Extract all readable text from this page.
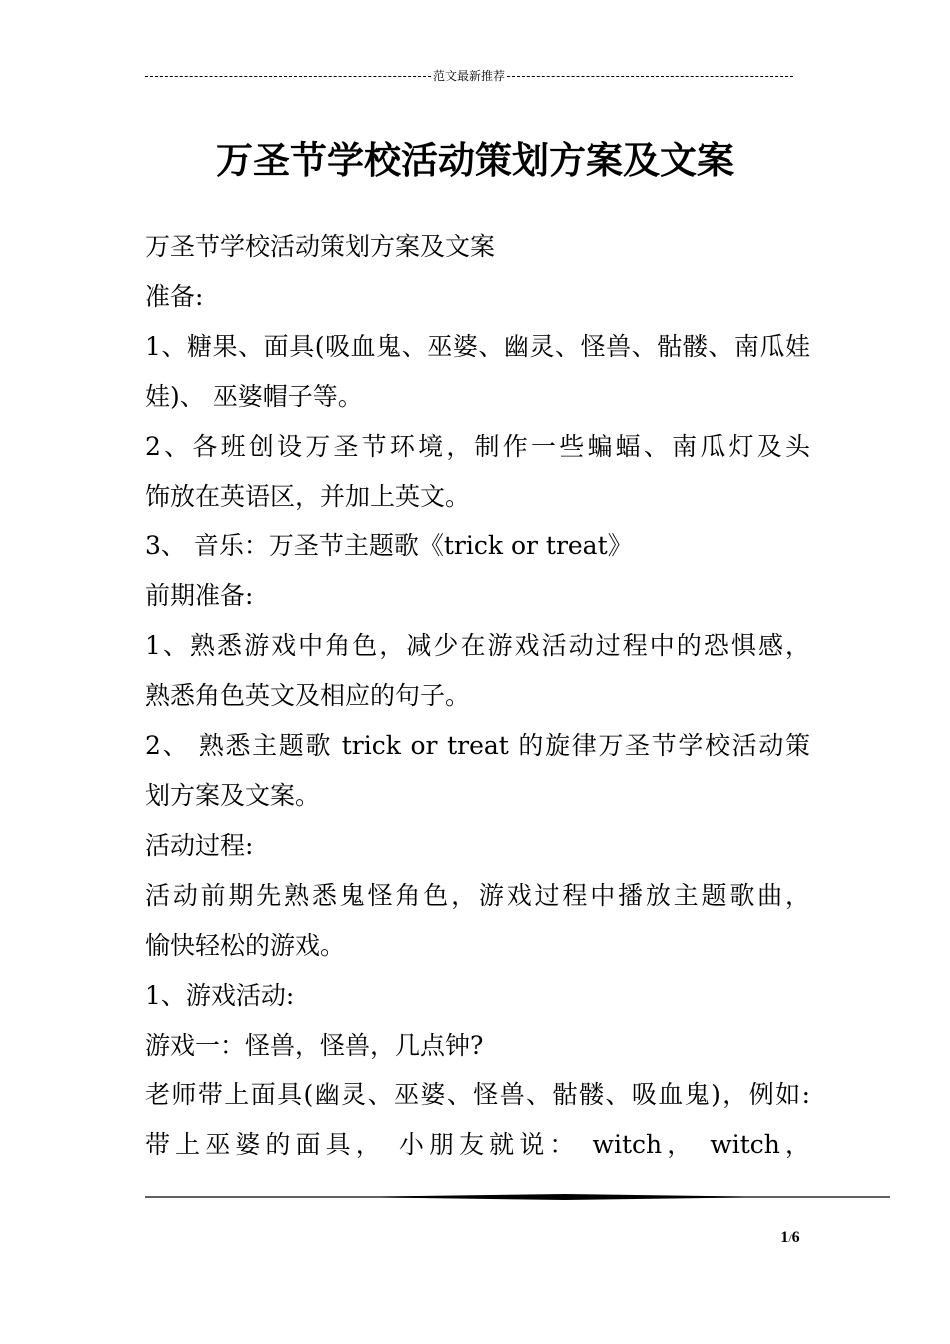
范文最新推荐
万圣节学校活动策划方案及文案

万圣节学校活动策划方案及文案

准备:

1、糖果、面具(吸血鬼、巫婆、幽灵、怪兽、骷髅、南瓜娃

娃)、 巫婆帽子等。

2、各班创设万圣节环境，制作一些蝙蝠、南瓜灯及头

饰放在英语区，并加上英文。

3、 音乐：万圣节主题歌《trick or treat》

前期准备:

1、熟悉游戏中角色，减少在游戏活动过程中的恐惧感，

熟悉角色英文及相应的句子。

2、 熟悉主题歌 trick or treat 的旋律万圣节学校活动策

划方案及文案。

活动过程:

活动前期先熟悉鬼怪角色，游戏过程中播放主题歌曲，

愉快轻松的游戏。

1、游戏活动:

游戏一：怪兽，怪兽，几点钟?

老师带上面具(幽灵、巫婆、怪兽、骷髅、吸血鬼)，例如:

带上巫婆的面具， 小朋友就说： witch， witch，

1/6
